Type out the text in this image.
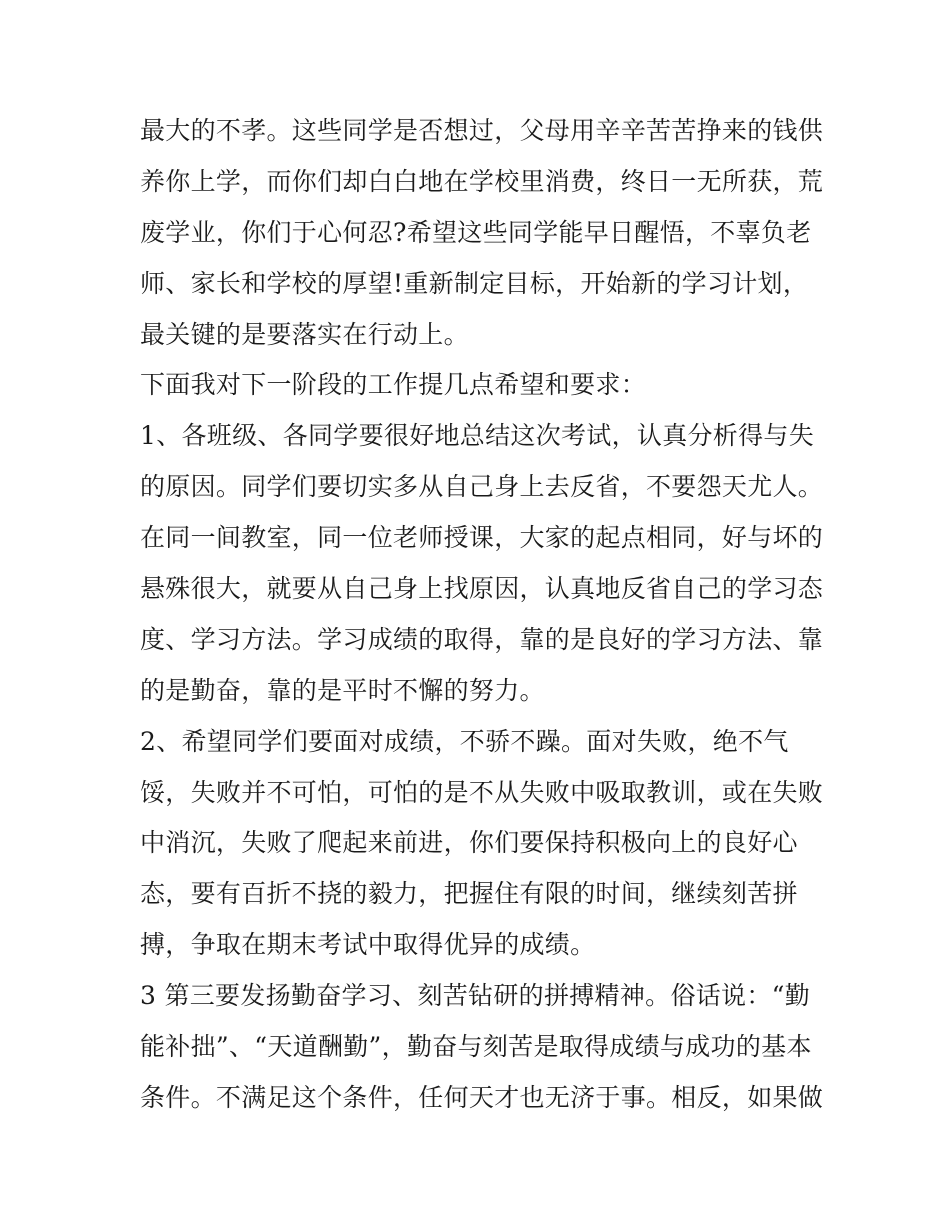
最大的不孝。这些同学是否想过，父母用辛辛苦苦挣来的钱供
养你上学，而你们却白白地在学校里消费，终日一无所获，荒
废学业，你们于心何忍?希望这些同学能早日醒悟，不辜负老
师、家长和学校的厚望!重新制定目标，开始新的学习计划，
最关键的是要落实在行动上。
下面我对下一阶段的工作提几点希望和要求：
1、各班级、各同学要很好地总结这次考试，认真分析得与失
的原因。同学们要切实多从自己身上去反省，不要怨天尤人。
在同一间教室，同一位老师授课，大家的起点相同，好与坏的
悬殊很大，就要从自己身上找原因，认真地反省自己的学习态
度、学习方法。学习成绩的取得，靠的是良好的学习方法、靠
的是勤奋，靠的是平时不懈的努力。
2、希望同学们要面对成绩，不骄不躁。面对失败，绝不气
馁，失败并不可怕，可怕的是不从失败中吸取教训，或在失败
中消沉，失败了爬起来前进，你们要保持积极向上的良好心
态，要有百折不挠的毅力，把握住有限的时间，继续刻苦拼
搏，争取在期末考试中取得优异的成绩。
3 第三要发扬勤奋学习、刻苦钻研的拼搏精神。俗话说：“勤
能补拙”、“天道酬勤”，勤奋与刻苦是取得成绩与成功的基本
条件。不满足这个条件，任何天才也无济于事。相反，如果做
